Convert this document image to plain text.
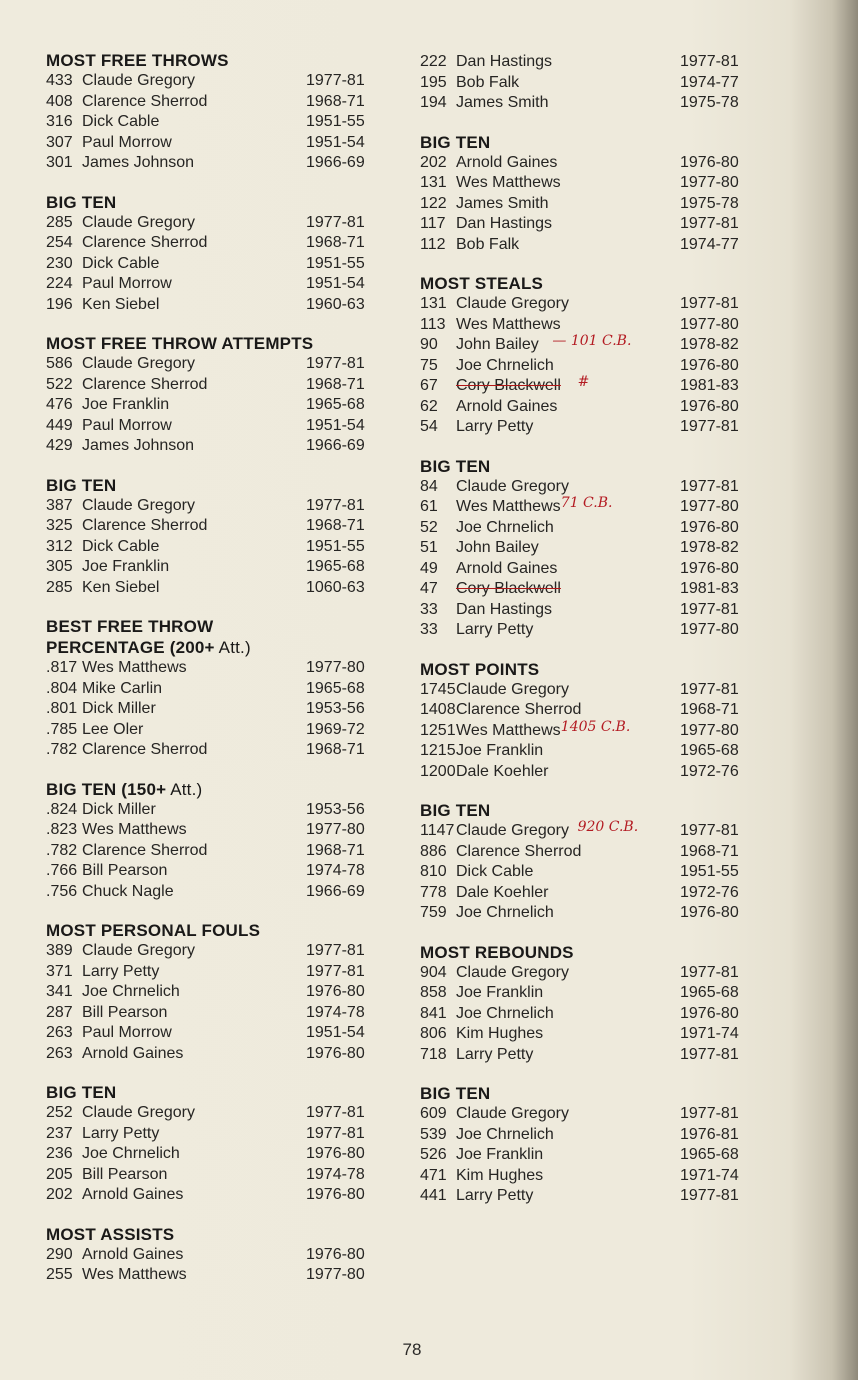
MOST FREE THROWS
433 Claude Gregory	1977-81
408 Clarence Sherrod	1968-71
316 Dick Cable	1951-55
307 Paul Morrow	1951-54
301 James Johnson	1966-69
BIG TEN
285 Claude Gregory	1977-81
254 Clarence Sherrod	1968-71
230 Dick Cable	1951-55
224 Paul Morrow	1951-54
196 Ken Siebel	1960-63
MOST FREE THROW ATTEMPTS
586 Claude Gregory	1977-81
522 Clarence Sherrod	1968-71
476 Joe Franklin	1965-68
449 Paul Morrow	1951-54
429 James Johnson	1966-69
BIG TEN
387 Claude Gregory	1977-81
325 Clarence Sherrod	1968-71
312 Dick Cable	1951-55
305 Joe Franklin	1965-68
285 Ken Siebel	1060-63
BEST FREE THROW
PERCENTAGE (200+ Att.)
.817 Wes Matthews	1977-80
.804 Mike Carlin	1965-68
.801 Dick Miller	1953-56
.785 Lee Oler	1969-72
.782 Clarence Sherrod	1968-71
BIG TEN (150+ Att.)
.824 Dick Miller	1953-56
.823 Wes Matthews	1977-80
.782 Clarence Sherrod	1968-71
.766 Bill Pearson	1974-78
.756 Chuck Nagle	1966-69
MOST PERSONAL FOULS
389 Claude Gregory	1977-81
371 Larry Petty	1977-81
341 Joe Chrnelich	1976-80
287 Bill Pearson	1974-78
263 Paul Morrow	1951-54
263 Arnold Gaines	1976-80
BIG TEN
252 Claude Gregory	1977-81
237 Larry Petty	1977-81
236 Joe Chrnelich	1976-80
205 Bill Pearson	1974-78
202 Arnold Gaines	1976-80
MOST ASSISTS
290 Arnold Gaines	1976-80
255 Wes Matthews	1977-80
222 Dan Hastings	1977-81
195 Bob Falk	1974-77
194 James Smith	1975-78
BIG TEN
202 Arnold Gaines	1976-80
131 Wes Matthews	1977-80
122 James Smith	1975-78
117 Dan Hastings	1977-81
112 Bob Falk	1974-77
MOST STEALS
131 Claude Gregory	1977-81
113 Wes Matthews	1977-80
90	John Bailey — 101 C.B.	1978-82
75	Joe Chrnelich	1976-80
67	Cory Blackwell #	1981-83
62	Arnold Gaines	1976-80
54	Larry Petty	1977-81
BIG TEN
84	Claude Gregory	1977-81
61	Wes Matthews 71 C.B.	1977-80
52	Joe Chrnelich	1976-80
51	John Bailey	1978-82
49	Arnold Gaines	1976-80
47	Cory Blackwell	1981-83
33	Dan Hastings	1977-81
33	Larry Petty	1977-80
MOST POINTS
1745 Claude Gregory	1977-81
1408 Clarence Sherrod	1968-71
1251 Wes Matthews 1405 C.B.	1977-80
1215 Joe Franklin	1965-68
1200 Dale Koehler	1972-76
BIG TEN
1147 Claude Gregory 920 C.B.	1977-81
886 Clarence Sherrod	1968-71
810 Dick Cable	1951-55
778 Dale Koehler	1972-76
759 Joe Chrnelich	1976-80
MOST REBOUNDS
904 Claude Gregory	1977-81
858 Joe Franklin	1965-68
841 Joe Chrnelich	1976-80
806 Kim Hughes	1971-74
718 Larry Petty	1977-81
BIG TEN
609 Claude Gregory	1977-81
539 Joe Chrnelich	1976-81
526 Joe Franklin	1965-68
471 Kim Hughes	1971-74
441 Larry Petty	1977-81
78
